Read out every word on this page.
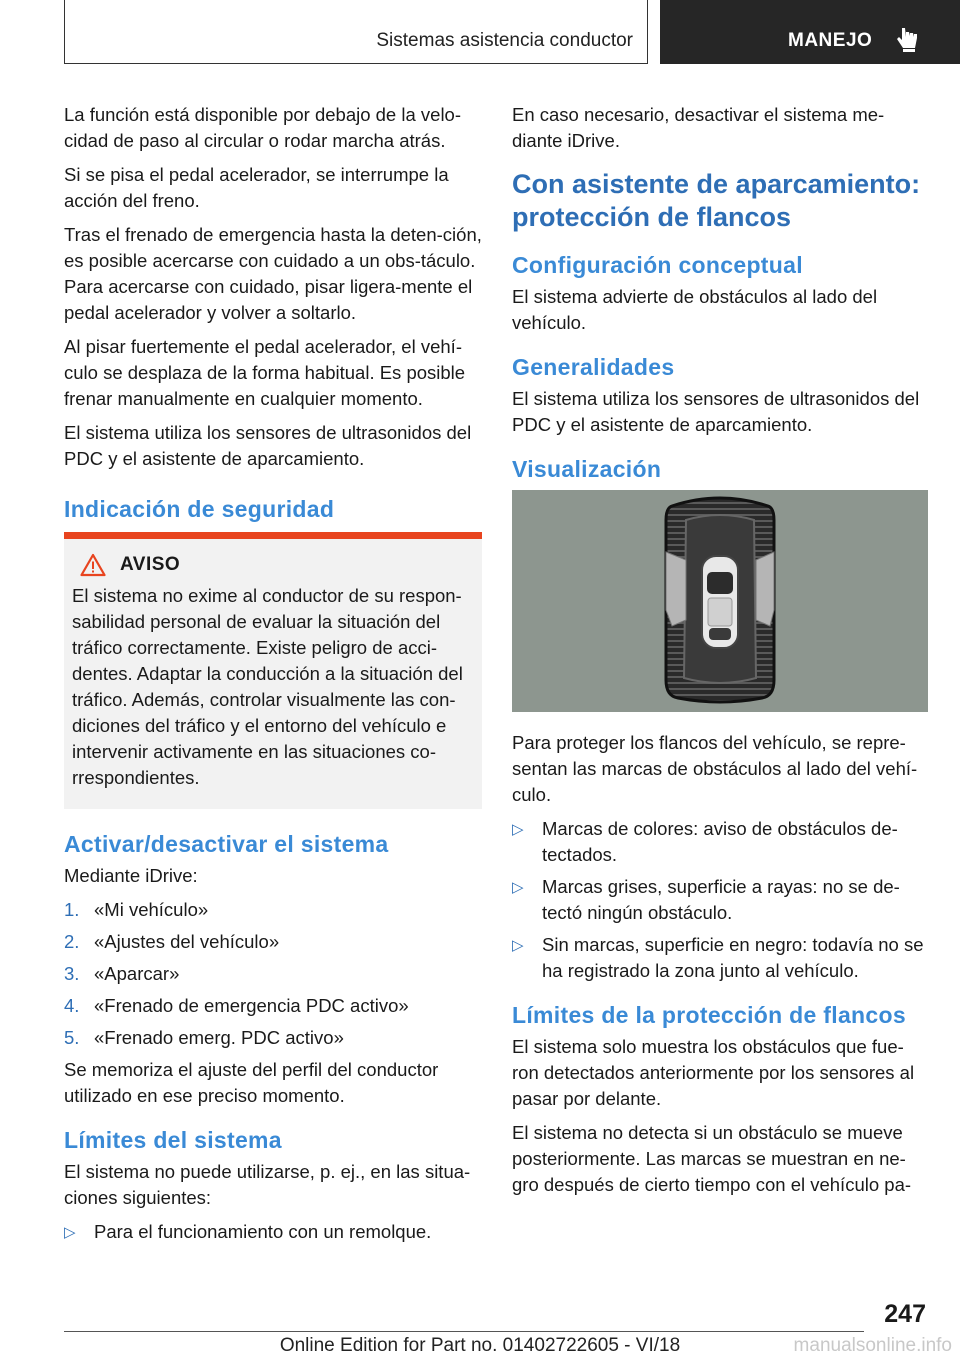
Sistemas asistencia conductor	MANEJO

La función está disponible por debajo de la velo-cidad de paso al circular o rodar marcha atrás.

Si se pisa el pedal acelerador, se interrumpe la acción del freno.

Tras el frenado de emergencia hasta la deten-ción, es posible acercarse con cuidado a un obs-táculo. Para acercarse con cuidado, pisar ligera-mente el pedal acelerador y volver a soltarlo.

Al pisar fuertemente el pedal acelerador, el vehí-culo se desplaza de la forma habitual. Es posible frenar manualmente en cualquier momento.

El sistema utiliza los sensores de ultrasonidos del PDC y el asistente de aparcamiento.

Indicación de seguridad
AVISO

El sistema no exime al conductor de su respon-sabilidad personal de evaluar la situación del tráfico correctamente. Existe peligro de acci-dentes. Adaptar la conducción a la situación del tráfico. Además, controlar visualmente las con-diciones del tráfico y el entorno del vehículo e intervenir activamente en las situaciones co-rrespondientes.

Activar/desactivar el sistema

Mediante iDrive:

1. «Mi vehículo»
2. «Ajustes del vehículo»
3. «Aparcar»
4. «Frenado de emergencia PDC activo»
5. «Frenado emerg. PDC activo»

Se memoriza el ajuste del perfil del conductor utilizado en ese preciso momento.

Límites del sistema

El sistema no puede utilizarse, p. ej., en las situa-ciones siguientes:

▷ Para el funcionamiento con un remolque.

En caso necesario, desactivar el sistema me-diante iDrive.

Con asistente de aparcamiento: protección de flancos
Configuración conceptual

El sistema advierte de obstáculos al lado del vehículo.

Generalidades

El sistema utiliza los sensores de ultrasonidos del PDC y el asistente de aparcamiento.

Visualización

Para proteger los flancos del vehículo, se repre-sentan las marcas de obstáculos al lado del vehí-culo.

▷ Marcas de colores: aviso de obstáculos de-tectados.
▷ Marcas grises, superficie a rayas: no se de-tectó ningún obstáculo.
▷ Sin marcas, superficie en negro: todavía no se ha registrado la zona junto al vehículo.
Límites de la protección de flancos

El sistema solo muestra los obstáculos que fue-ron detectados anteriormente por los sensores al pasar por delante.

El sistema no detecta si un obstáculo se mueve posteriormente. Las marcas se muestran en ne-gro después de cierto tiempo con el vehículo pa-

247
Online Edition for Part no. 01402722605 - VI/18	manualsonline.info
